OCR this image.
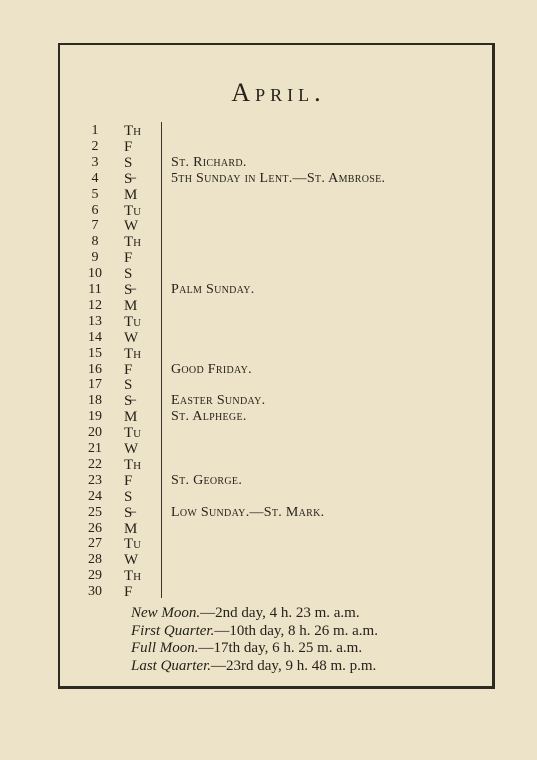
April.
1	Th
2	F
3	S	St. Richard.
4	S̶	5th Sunday in Lent.—St. Ambrose.
5	M
6	Tu
7	W
8	Th
9	F
10	S
11	S̶	Palm Sunday.
12	M
13	Tu
14	W
15	Th
16	F	Good Friday.
17	S
18	S̶	Easter Sunday.
19	M	St. Alphege.
20	Tu
21	W
22	Th
23	F	St. George.
24	S
25	S̶	Low Sunday.—St. Mark.
26	M
27	Tu
28	W
29	Th
30	F
New Moon.—2nd day, 4 h. 23 m. a.m.
First Quarter.—10th day, 8 h. 26 m. a.m.
Full Moon.—17th day, 6 h. 25 m. a.m.
Last Quarter.—23rd day, 9 h. 48 m. p.m.
